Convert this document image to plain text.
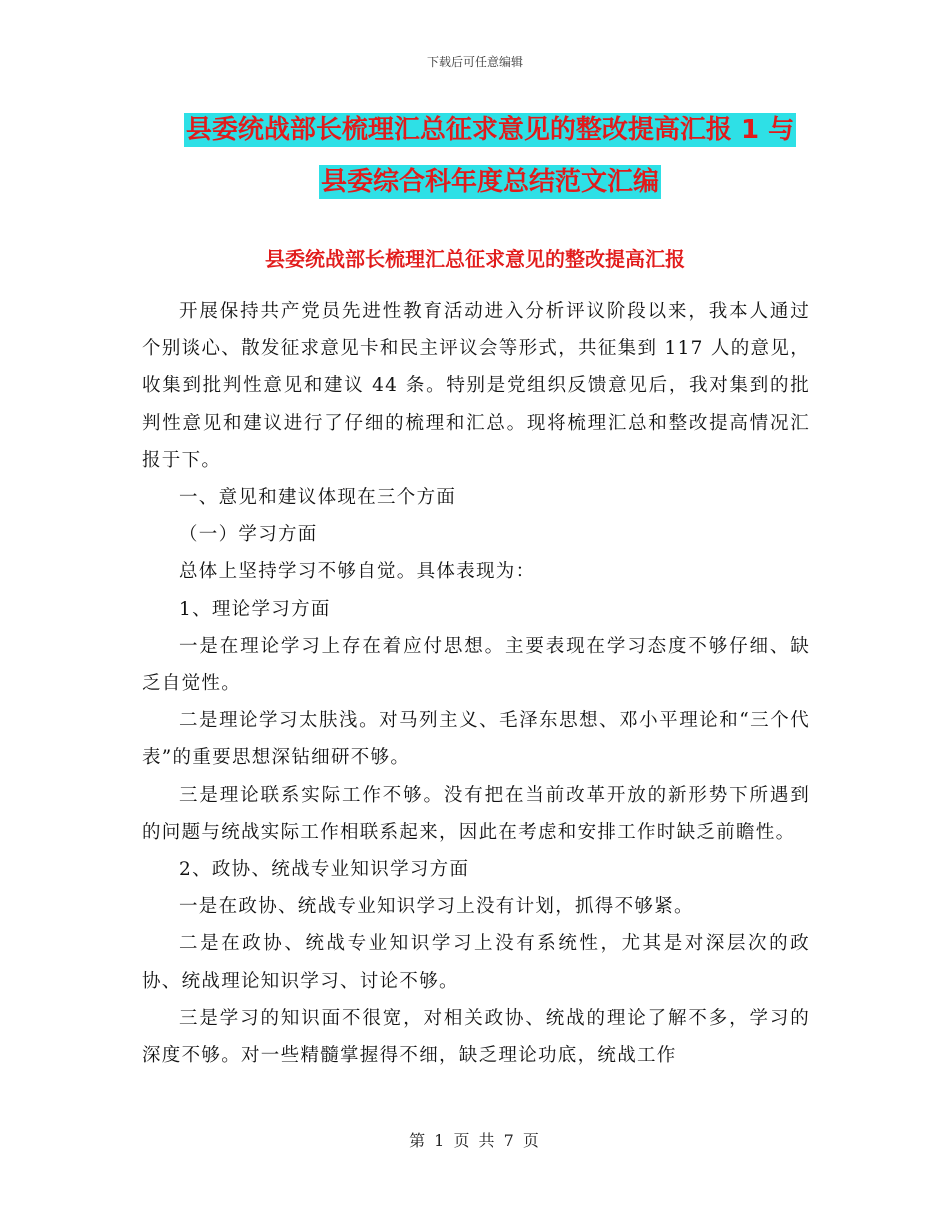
下载后可任意编辑
县委统战部长梳理汇总征求意见的整改提高汇报 1 与
县委综合科年度总结范文汇编
县委统战部长梳理汇总征求意见的整改提高汇报

开展保持共产党员先进性教育活动进入分析评议阶段以来，我本人通过个别谈心、散发征求意见卡和民主评议会等形式，共征集到 117 人的意见，收集到批判性意见和建议 44 条。特别是党组织反馈意见后，我对集到的批判性意见和建议进行了仔细的梳理和汇总。现将梳理汇总和整改提高情况汇报于下。

一、意见和建议体现在三个方面

（一）学习方面

总体上坚持学习不够自觉。具体表现为：

1、理论学习方面

一是在理论学习上存在着应付思想。主要表现在学习态度不够仔细、缺乏自觉性。

二是理论学习太肤浅。对马列主义、毛泽东思想、邓小平理论和“三个代表”的重要思想深钻细研不够。

三是理论联系实际工作不够。没有把在当前改革开放的新形势下所遇到的问题与统战实际工作相联系起来，因此在考虑和安排工作时缺乏前瞻性。

2、政协、统战专业知识学习方面

一是在政协、统战专业知识学习上没有计划，抓得不够紧。

二是在政协、统战专业知识学习上没有系统性，尤其是对深层次的政协、统战理论知识学习、讨论不够。

三是学习的知识面不很宽，对相关政协、统战的理论了解不多，学习的深度不够。对一些精髓掌握得不细，缺乏理论功底，统战工作

第 1 页 共 7 页
